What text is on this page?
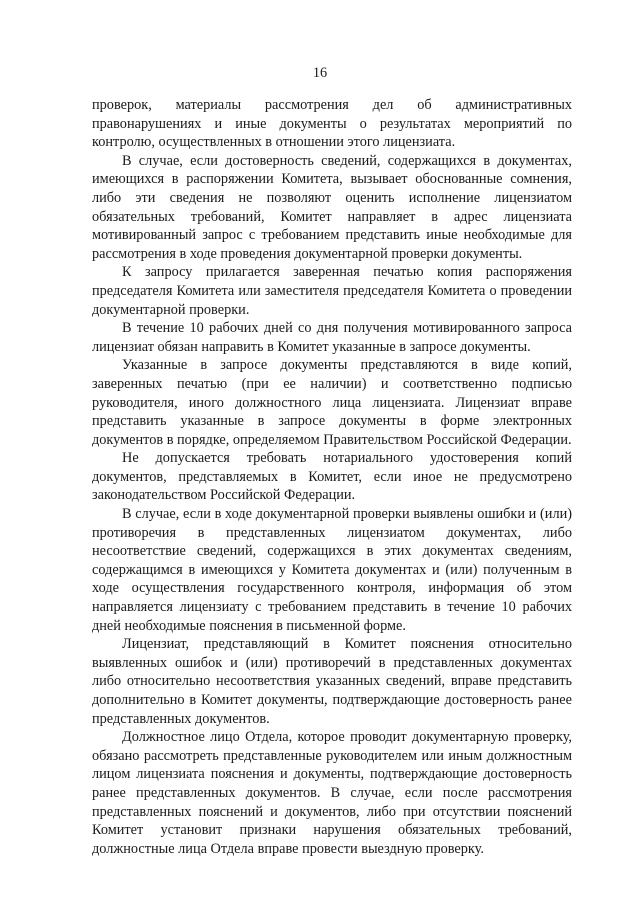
16

проверок, материалы рассмотрения дел об административных правонарушениях и иные документы о результатах мероприятий по контролю, осуществленных в отношении этого лицензиата.

В случае, если достоверность сведений, содержащихся в документах, имеющихся в распоряжении Комитета, вызывает обоснованные сомнения, либо эти сведения не позволяют оценить исполнение лицензиатом обязательных требований, Комитет направляет в адрес лицензиата мотивированный запрос с требованием представить иные необходимые для рассмотрения в ходе проведения документарной проверки документы.

К запросу прилагается заверенная печатью копия распоряжения председателя Комитета или заместителя председателя Комитета о проведении документарной проверки.

В течение 10 рабочих дней со дня получения мотивированного запроса лицензиат обязан направить в Комитет указанные в запросе документы.

Указанные в запросе документы представляются в виде копий, заверенных печатью (при ее наличии) и соответственно подписью руководителя, иного должностного лица лицензиата. Лицензиат вправе представить указанные в запросе документы в форме электронных документов в порядке, определяемом Правительством Российской Федерации.

Не допускается требовать нотариального удостоверения копий документов, представляемых в Комитет, если иное не предусмотрено законодательством Российской Федерации.

В случае, если в ходе документарной проверки выявлены ошибки и (или) противоречия в представленных лицензиатом документах, либо несоответствие сведений, содержащихся в этих документах сведениям, содержащимся в имеющихся у Комитета документах и (или) полученным в ходе осуществления государственного контроля, информация об этом направляется лицензиату с требованием представить в течение 10 рабочих дней необходимые пояснения в письменной форме.

Лицензиат, представляющий в Комитет пояснения относительно выявленных ошибок и (или) противоречий в представленных документах либо относительно несоответствия указанных сведений, вправе представить дополнительно в Комитет документы, подтверждающие достоверность ранее представленных документов.

Должностное лицо Отдела, которое проводит документарную проверку, обязано рассмотреть представленные руководителем или иным должностным лицом лицензиата пояснения и документы, подтверждающие достоверность ранее представленных документов. В случае, если после рассмотрения представленных пояснений и документов, либо при отсутствии пояснений Комитет установит признаки нарушения обязательных требований, должностные лица Отдела вправе провести выездную проверку.
